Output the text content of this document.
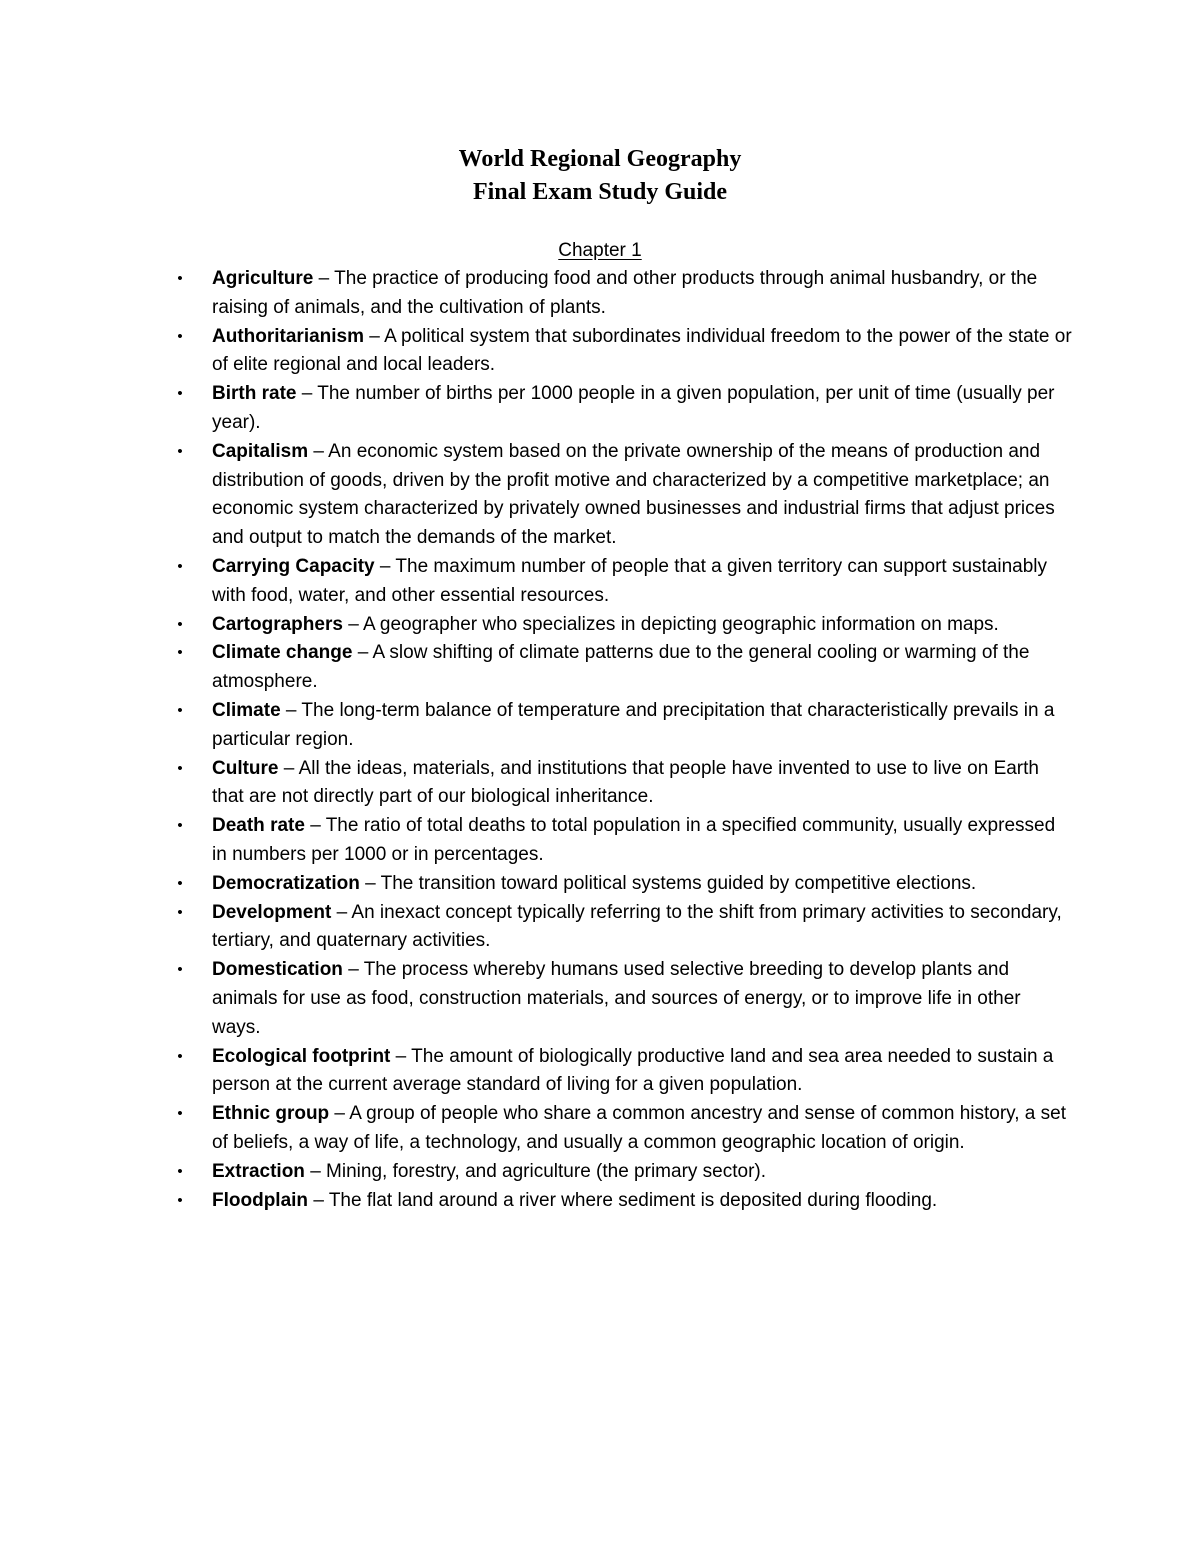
World Regional Geography
Final Exam Study Guide
Chapter 1
• Agriculture – The practice of producing food and other products through animal husbandry, or the raising of animals, and the cultivation of plants.
• Authoritarianism – A political system that subordinates individual freedom to the power of the state or of elite regional and local leaders.
• Birth rate – The number of births per 1000 people in a given population, per unit of time (usually per year).
• Capitalism – An economic system based on the private ownership of the means of production and distribution of goods, driven by the profit motive and characterized by a competitive marketplace; an economic system characterized by privately owned businesses and industrial firms that adjust prices and output to match the demands of the market.
• Carrying Capacity – The maximum number of people that a given territory can support sustainably with food, water, and other essential resources.
• Cartographers – A geographer who specializes in depicting geographic information on maps.
• Climate change – A slow shifting of climate patterns due to the general cooling or warming of the atmosphere.
• Climate – The long-term balance of temperature and precipitation that characteristically prevails in a particular region.
• Culture – All the ideas, materials, and institutions that people have invented to use to live on Earth that are not directly part of our biological inheritance.
• Death rate – The ratio of total deaths to total population in a specified community, usually expressed in numbers per 1000 or in percentages.
• Democratization – The transition toward political systems guided by competitive elections.
• Development – An inexact concept typically referring to the shift from primary activities to secondary, tertiary, and quaternary activities.
• Domestication – The process whereby humans used selective breeding to develop plants and animals for use as food, construction materials, and sources of energy, or to improve life in other ways.
• Ecological footprint – The amount of biologically productive land and sea area needed to sustain a person at the current average standard of living for a given population.
• Ethnic group – A group of people who share a common ancestry and sense of common history, a set of beliefs, a way of life, a technology, and usually a common geographic location of origin.
• Extraction – Mining, forestry, and agriculture (the primary sector).
• Floodplain – The flat land around a river where sediment is deposited during flooding.
